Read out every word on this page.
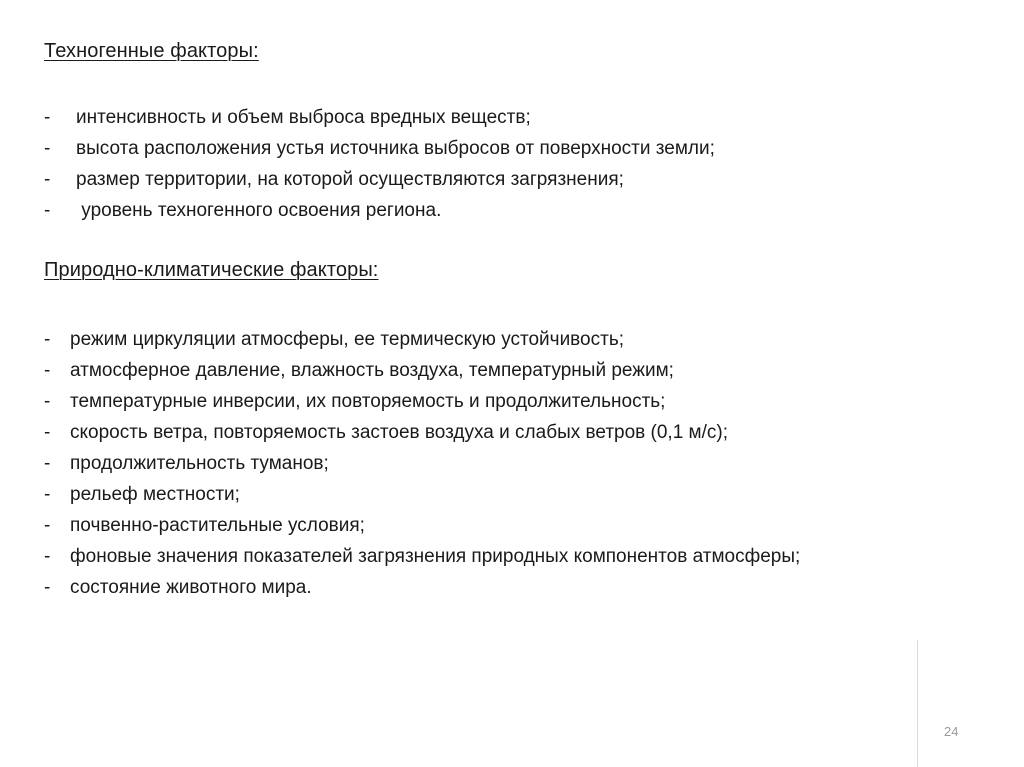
Техногенные факторы:
-	интенсивность и объем выброса вредных веществ;
-	высота расположения устья источника выбросов от поверхности земли;
-	размер территории, на которой осуществляются загрязнения;
-	уровень техногенного освоения региона.
Природно-климатические факторы:
-	режим циркуляции атмосферы, ее термическую устойчивость;
-	атмосферное давление, влажность воздуха, температурный режим;
-	температурные инверсии, их повторяемость и продолжительность;
-	скорость ветра, повторяемость застоев воздуха и слабых ветров (0,1 м/с);
-	продолжительность туманов;
-	рельеф местности;
-	почвенно-растительные условия;
-	фоновые значения показателей загрязнения природных компонентов атмосферы;
-	состояние животного мира.
24
